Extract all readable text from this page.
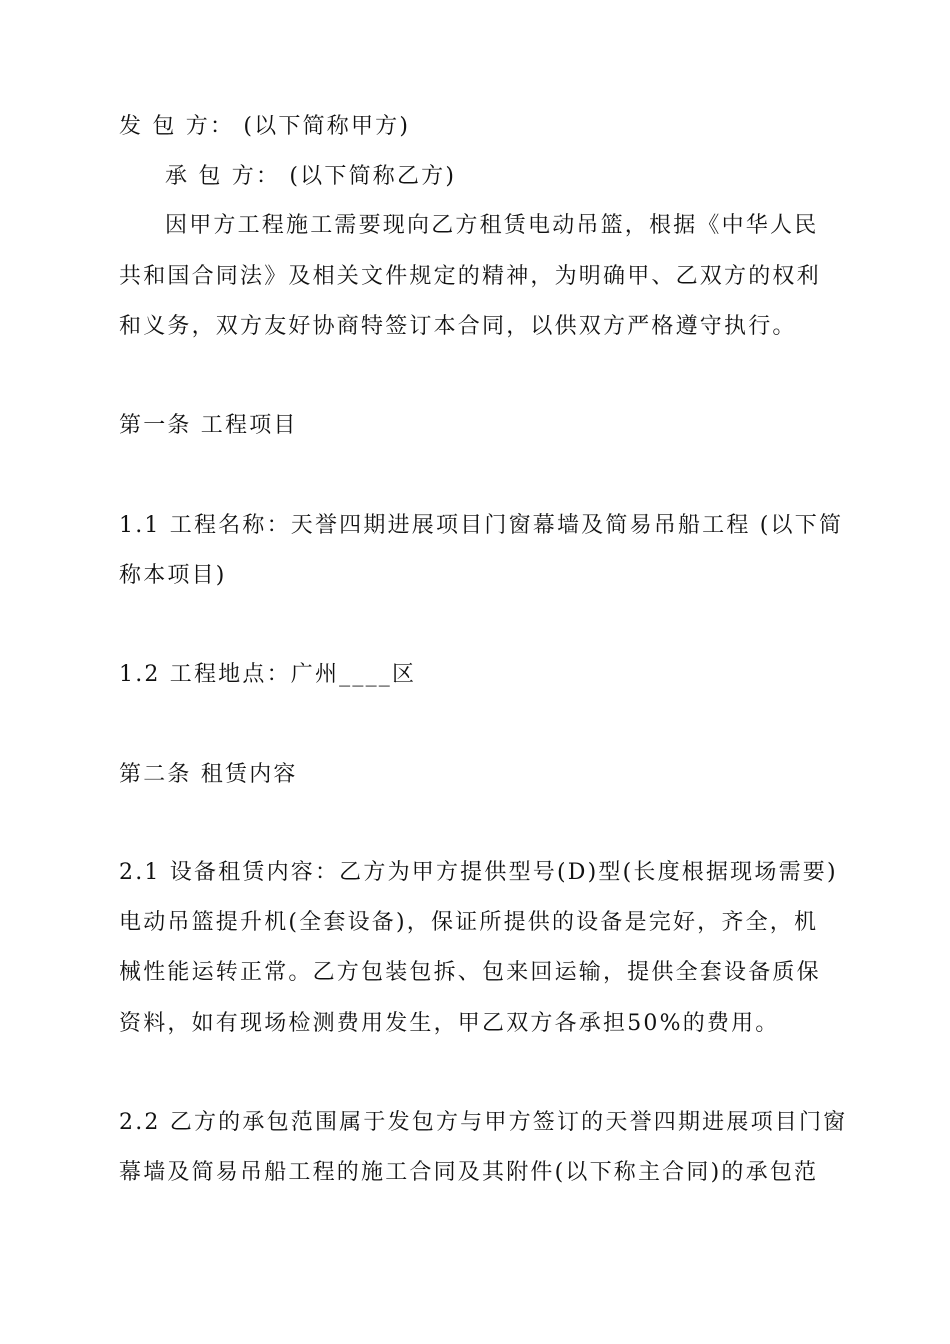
发 包 方： (以下简称甲方)
承 包 方： (以下简称乙方)
因甲方工程施工需要现向乙方租赁电动吊篮，根据《中华人民
共和国合同法》及相关文件规定的精神，为明确甲、乙双方的权利
和义务，双方友好协商特签订本合同，以供双方严格遵守执行。
第一条 工程项目
1.1 工程名称：天誉四期进展项目门窗幕墙及简易吊船工程 (以下简
称本项目)
1.2 工程地点：广州____区
第二条 租赁内容
2.1 设备租赁内容：乙方为甲方提供型号(D)型(长度根据现场需要)
电动吊篮提升机(全套设备)，保证所提供的设备是完好，齐全，机
械性能运转正常。乙方包装包拆、包来回运输，提供全套设备质保
资料，如有现场检测费用发生，甲乙双方各承担50%的费用。
2.2 乙方的承包范围属于发包方与甲方签订的天誉四期进展项目门窗
幕墙及简易吊船工程的施工合同及其附件(以下称主合同)的承包范
